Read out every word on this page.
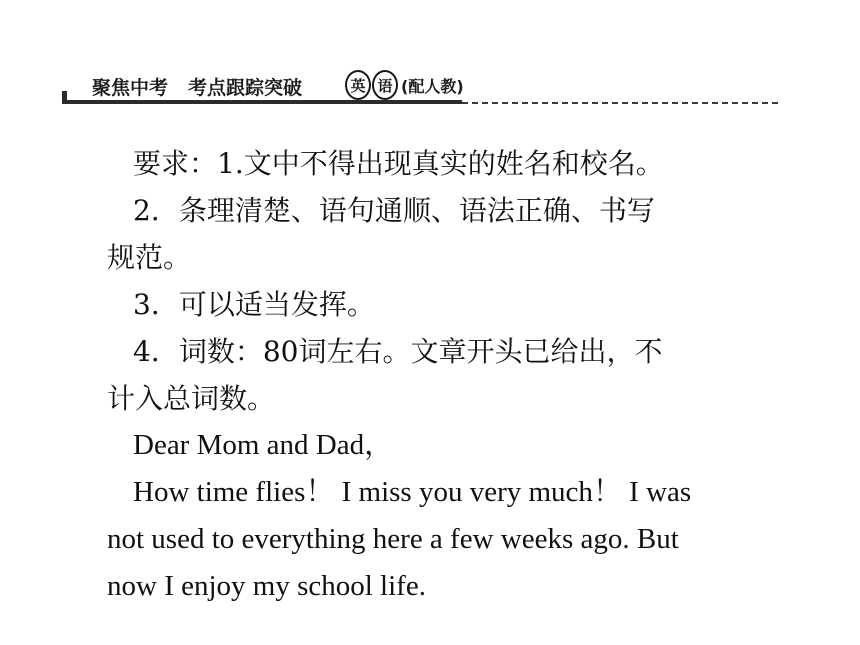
聚焦中考 考点跟踪突破	英 语 (配人教)
要求：1.文中不得出现真实的姓名和校名。
2．条理清楚、语句通顺、语法正确、书写
规范。
3．可以适当发挥。
4．词数：80词左右。文章开头已给出，不
计入总词数。
Dear Mom and Dad，
How time flies！ I miss you very much！ I was
not used to everything here a few weeks ago. But
now I enjoy my school life.
